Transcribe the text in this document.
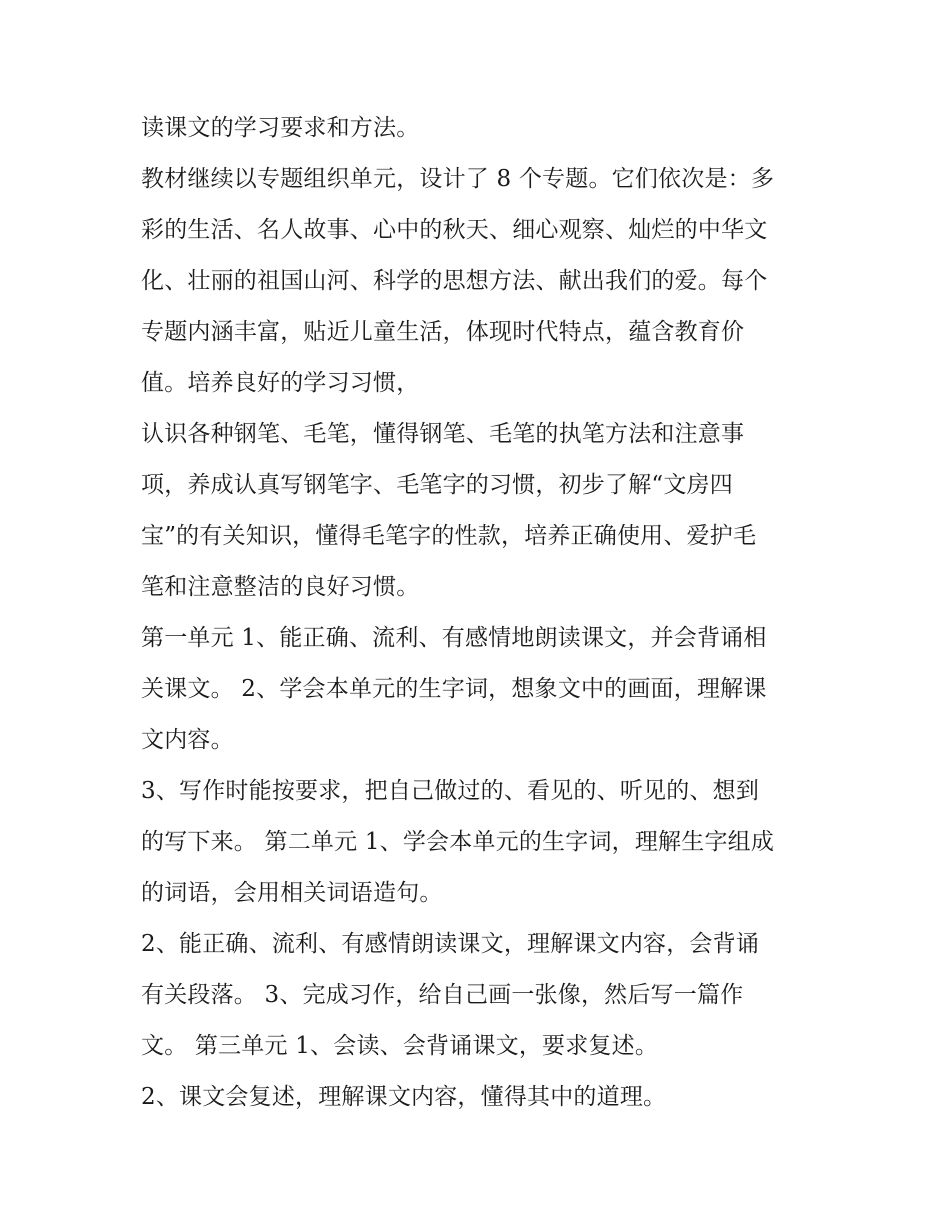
读课文的学习要求和方法。
教材继续以专题组织单元，设计了 8 个专题。它们依次是：多
彩的生活、名人故事、心中的秋天、细心观察、灿烂的中华文
化、壮丽的祖国山河、科学的思想方法、献出我们的爱。每个
专题内涵丰富，贴近儿童生活，体现时代特点，蕴含教育价
值。培养良好的学习习惯，
认识各种钢笔、毛笔，懂得钢笔、毛笔的执笔方法和注意事
项，养成认真写钢笔字、毛笔字的习惯，初步了解“文房四
宝”的有关知识，懂得毛笔字的性款，培养正确使用、爱护毛
笔和注意整洁的良好习惯。
第一单元 1、能正确、流利、有感情地朗读课文，并会背诵相
关课文。 2、学会本单元的生字词，想象文中的画面，理解课
文内容。
3、写作时能按要求，把自己做过的、看见的、听见的、想到
的写下来。 第二单元 1、学会本单元的生字词，理解生字组成
的词语，会用相关词语造句。
2、能正确、流利、有感情朗读课文，理解课文内容，会背诵
有关段落。 3、完成习作，给自己画一张像，然后写一篇作
文。 第三单元 1、会读、会背诵课文，要求复述。
2、课文会复述，理解课文内容，懂得其中的道理。
